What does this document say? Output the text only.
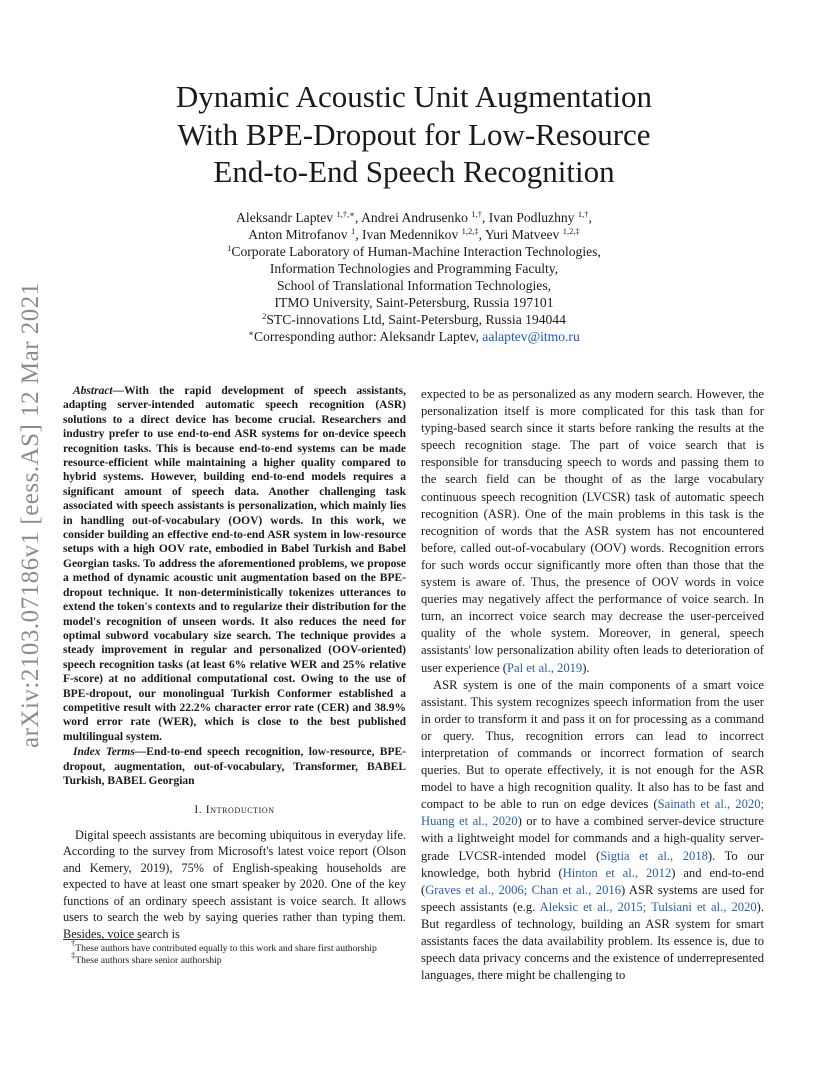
arXiv:2103.07186v1 [eess.AS] 12 Mar 2021
Dynamic Acoustic Unit Augmentation
With BPE-Dropout for Low-Resource
End-to-End Speech Recognition
Aleksandr Laptev $^{1,\dagger,∗}$, Andrei Andrusenko $^{1,\dagger}$, Ivan Podluzhny $^{1,\dagger}$,
Anton Mitrofanov $^1$, Ivan Medennikov $^{1,2,\ddagger}$, Yuri Matveev $^{1,2,\ddagger}$
$^1$Corporate Laboratory of Human-Machine Interaction Technologies,
Information Technologies and Programming Faculty,
School of Translational Information Technologies,
ITMO University, Saint-Petersburg, Russia 197101
$^2$STC-innovations Ltd, Saint-Petersburg, Russia 194044
∗Corresponding author: Aleksandr Laptev, aalaptev@itmo.ru

Abstract—With the rapid development of speech assistants, adapting server-intended automatic speech recognition (ASR) solutions to a direct device has become crucial. Researchers and industry prefer to use end-to-end ASR systems for on-device speech recognition tasks. This is because end-to-end systems can be made resource-efficient while maintaining a higher quality compared to hybrid systems. However, building end-to-end models requires a significant amount of speech data. Another challenging task associated with speech assistants is personalization, which mainly lies in handling out-of-vocabulary (OOV) words. In this work, we consider building an effective end-to-end ASR system in low-resource setups with a high OOV rate, embodied in Babel Turkish and Babel Georgian tasks. To address the aforementioned problems, we propose a method of dynamic acoustic unit augmentation based on the BPE-dropout technique. It non-deterministically tokenizes utterances to extend the token's contexts and to regularize their distribution for the model's recognition of unseen words. It also reduces the need for optimal subword vocabulary size search. The technique provides a steady improvement in regular and personalized (OOV-oriented) speech recognition tasks (at least 6% relative WER and 25% relative F-score) at no additional computational cost. Owing to the use of BPE-dropout, our monolingual Turkish Conformer established a competitive result with 22.2% character error rate (CER) and 38.9% word error rate (WER), which is close to the best published multilingual system.

Index Terms—End-to-end speech recognition, low-resource, BPE-dropout, augmentation, out-of-vocabulary, Transformer, BABEL Turkish, BABEL Georgian

I. Introduction

Digital speech assistants are becoming ubiquitous in everyday life. According to the survey from Microsoft's latest voice report (Olson and Kemery, 2019), 75% of English-speaking households are expected to have at least one smart speaker by 2020. One of the key functions of an ordinary speech assistant is voice search. It allows users to search the web by saying queries rather than typing them. Besides, voice search is

expected to be as personalized as any modern search. However, the personalization itself is more complicated for this task than for typing-based search since it starts before ranking the results at the speech recognition stage. The part of voice search that is responsible for transducing speech to words and passing them to the search field can be thought of as the large vocabulary continuous speech recognition (LVCSR) task of automatic speech recognition (ASR). One of the main problems in this task is the recognition of words that the ASR system has not encountered before, called out-of-vocabulary (OOV) words. Recognition errors for such words occur significantly more often than those that the system is aware of. Thus, the presence of OOV words in voice queries may negatively affect the performance of voice search. In turn, an incorrect voice search may decrease the user-perceived quality of the whole system. Moreover, in general, speech assistants' low personalization ability often leads to deterioration of user experience (Pal et al., 2019).

ASR system is one of the main components of a smart voice assistant. This system recognizes speech information from the user in order to transform it and pass it on for processing as a command or query. Thus, recognition errors can lead to incorrect interpretation of commands or incorrect formation of search queries. But to operate effectively, it is not enough for the ASR model to have a high recognition quality. It also has to be fast and compact to be able to run on edge devices (Sainath et al., 2020; Huang et al., 2020) or to have a combined server-device structure with a lightweight model for commands and a high-quality server-grade LVCSR-intended model (Sigtia et al., 2018). To our knowledge, both hybrid (Hinton et al., 2012) and end-to-end (Graves et al., 2006; Chan et al., 2016) ASR systems are used for speech assistants (e.g. Aleksic et al., 2015; Tulsiani et al., 2020). But regardless of technology, building an ASR system for smart assistants faces the data availability problem. Its essence is, due to speech data privacy concerns and the existence of underrepresented languages, there might be challenging to

†These authors have contributed equally to this work and share first authorship
‡These authors share senior authorship
